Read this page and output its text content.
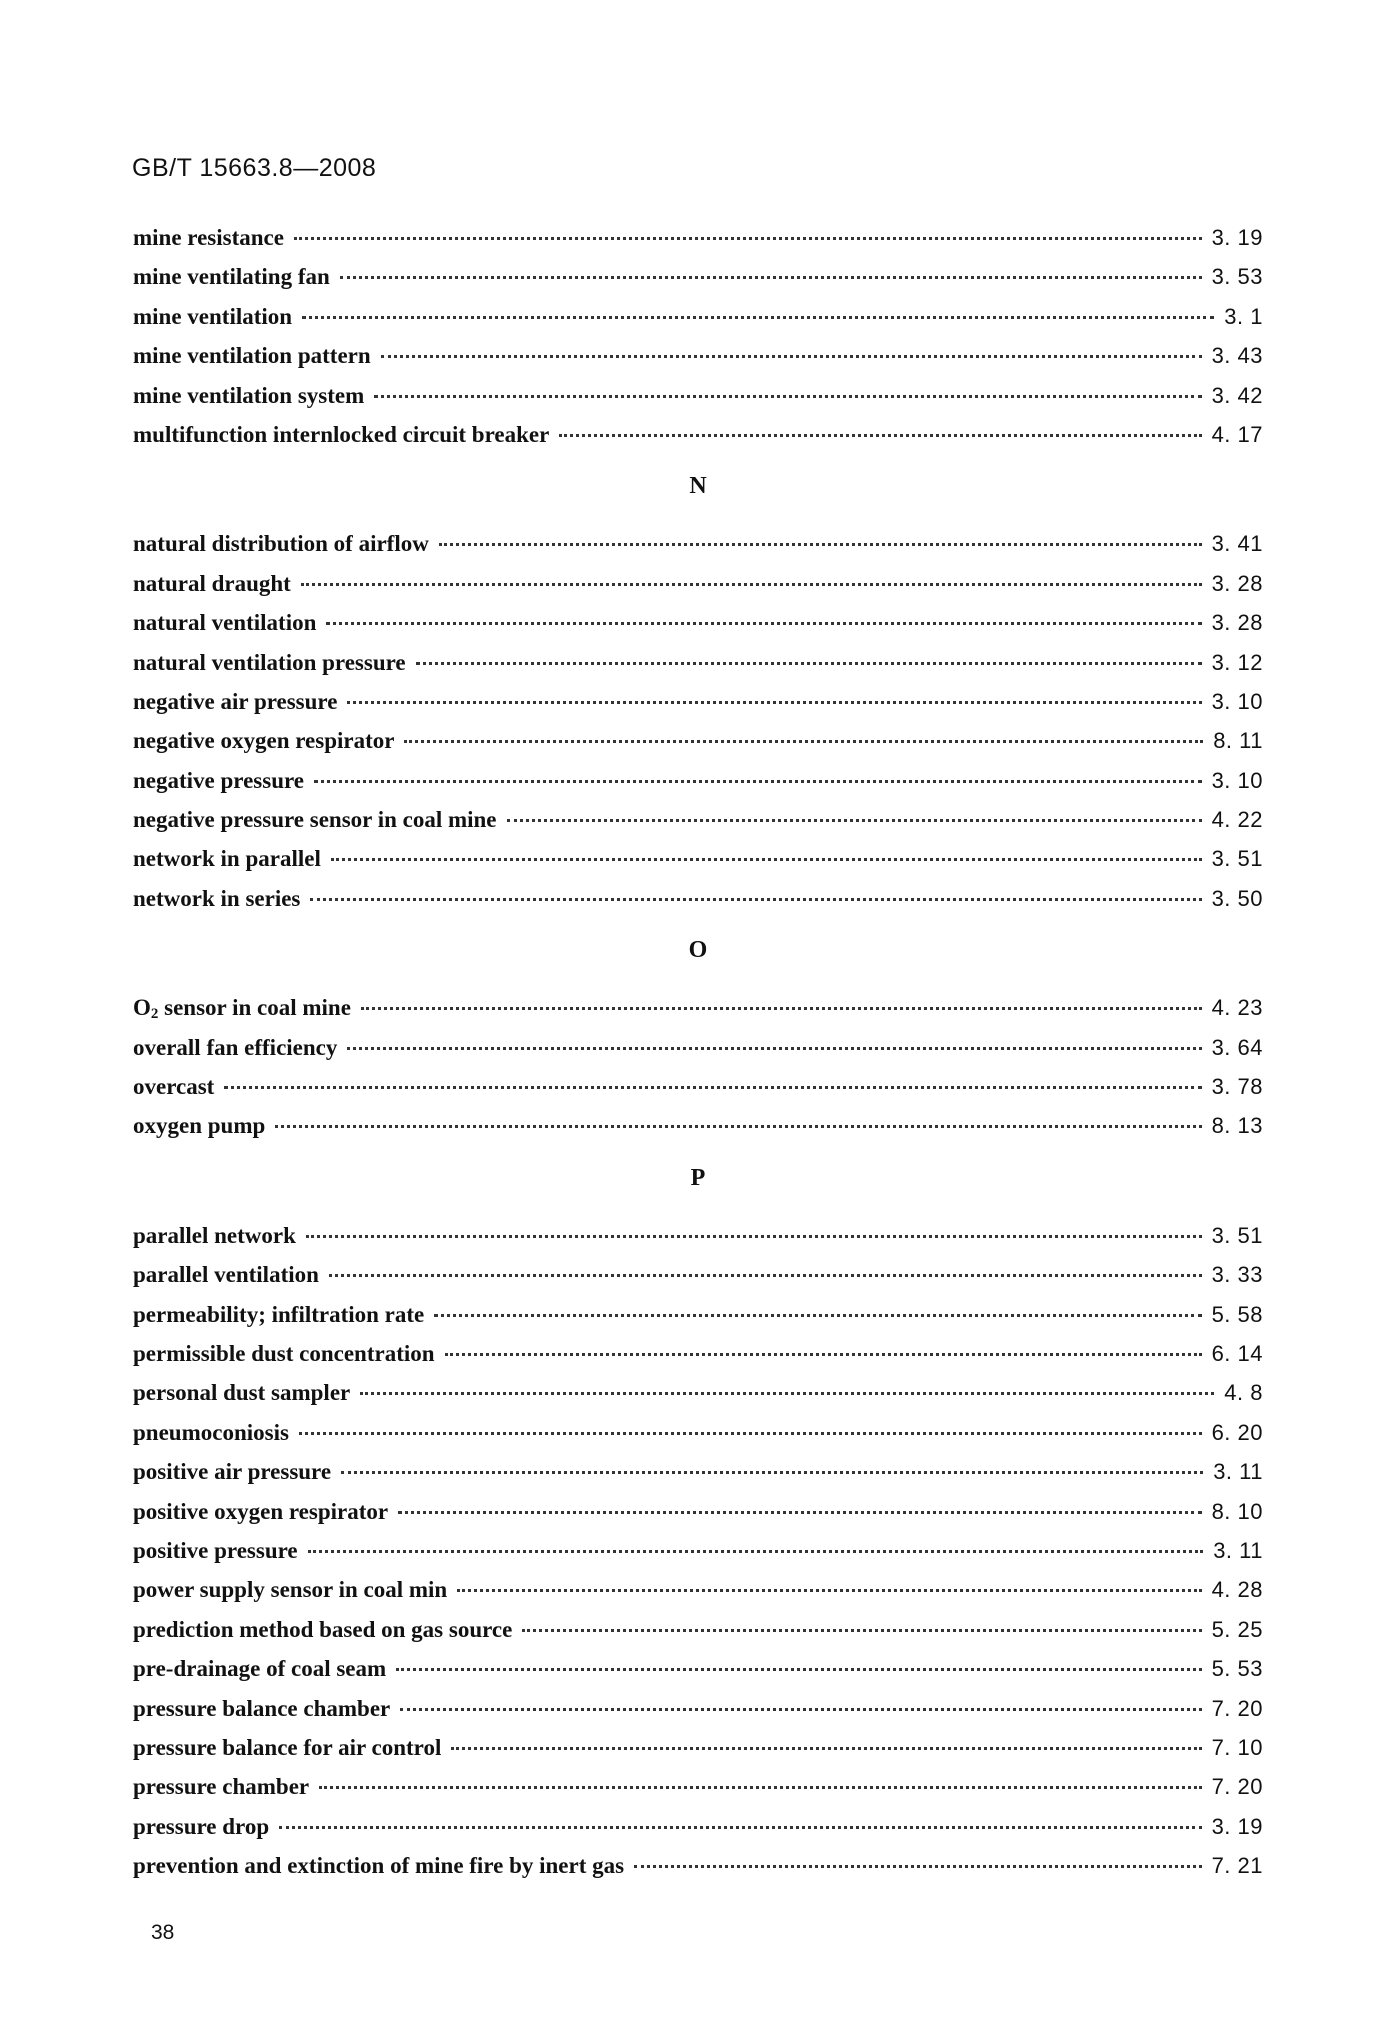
GB/T 15663.8—2008
mine resistance	3. 19
mine ventilating fan	3. 53
mine ventilation	3. 1
mine ventilation pattern	3. 43
mine ventilation system	3. 42
multifunction internlocked circuit breaker	4. 17
N
natural distribution of airflow	3. 41
natural draught	3. 28
natural ventilation	3. 28
natural ventilation pressure	3. 12
negative air pressure	3. 10
negative oxygen respirator	8. 11
negative pressure	3. 10
negative pressure sensor in coal mine	4. 22
network in parallel	3. 51
network in series	3. 50
O
$O_2$ sensor in coal mine	4. 23
overall fan efficiency	3. 64
overcast	3. 78
oxygen pump	8. 13
P
parallel network	3. 51
parallel ventilation	3. 33
permeability; infiltration rate	5. 58
permissible dust concentration	6. 14
personal dust sampler	4. 8
pneumoconiosis	6. 20
positive air pressure	3. 11
positive oxygen respirator	8. 10
positive pressure	3. 11
power supply sensor in coal min	4. 28
prediction method based on gas source	5. 25
pre-drainage of coal seam	5. 53
pressure balance chamber	7. 20
pressure balance for air control	7. 10
pressure chamber	7. 20
pressure drop	3. 19
prevention and extinction of mine fire by inert gas	7. 21
38
